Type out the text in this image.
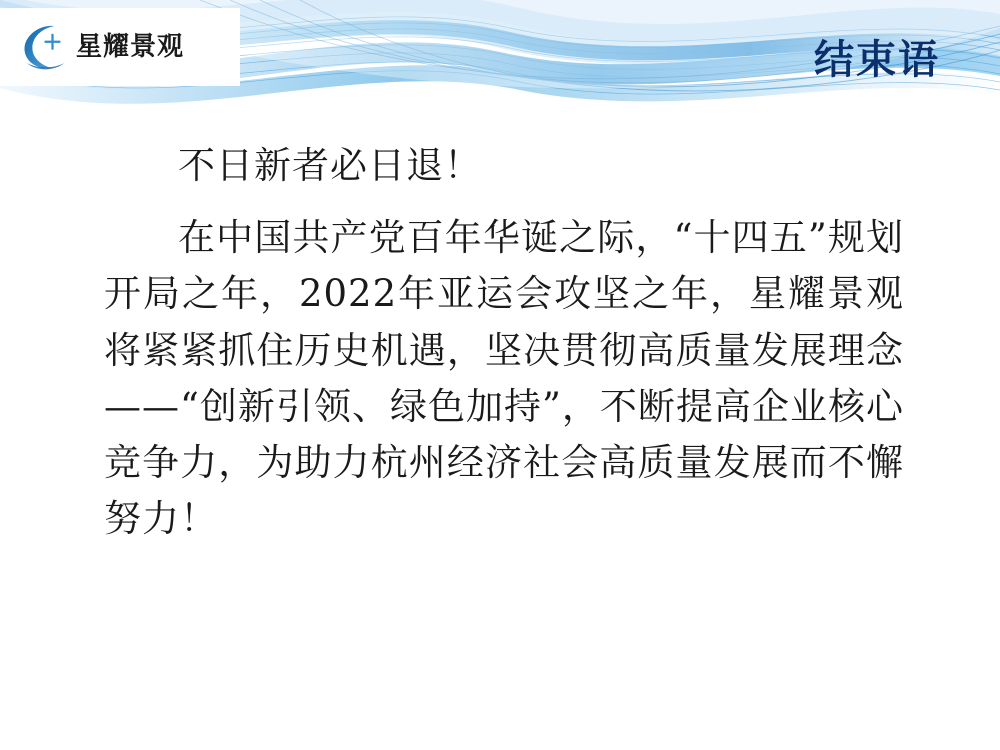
星耀景观	结束语

不日新者必日退！

在中国共产党百年华诞之际，“十四五”规划开局之年，2022年亚运会攻坚之年，星耀景观将紧紧抓住历史机遇，坚决贯彻高质量发展理念——“创新引领、绿色加持”，不断提高企业核心竞争力，为助力杭州经济社会高质量发展而不懈努力！
